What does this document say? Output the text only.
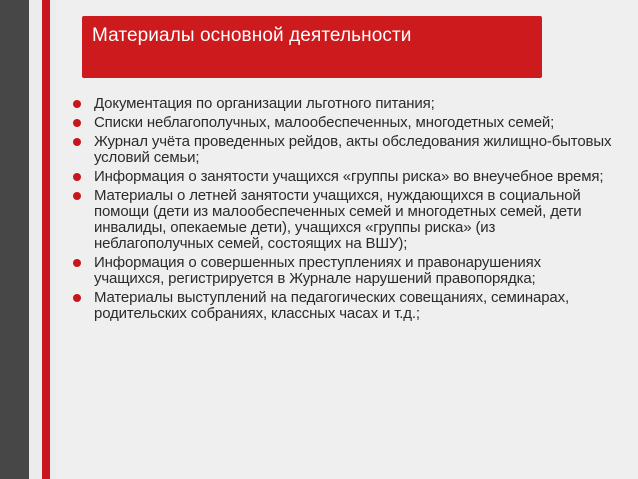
Материалы основной деятельности
Документация по организации льготного питания;
Списки неблагополучных, малообеспеченных, многодетных семей;
Журнал учёта проведенных рейдов, акты обследования жилищно-бытовых условий семьи;
Информация о занятости учащихся «группы риска» во внеучебное время;
Материалы о летней занятости учащихся, нуждающихся в социальной помощи (дети из малообеспеченных семей и многодетных семей, дети инвалиды, опекаемые дети), учащихся «группы риска» (из неблагополучных семей, состоящих на ВШУ);
Информация о совершенных преступлениях и правонарушениях учащихся, регистрируется в Журнале нарушений правопорядка;
Материалы выступлений на педагогических совещаниях, семинарах, родительских собраниях, классных часах и т.д.;
